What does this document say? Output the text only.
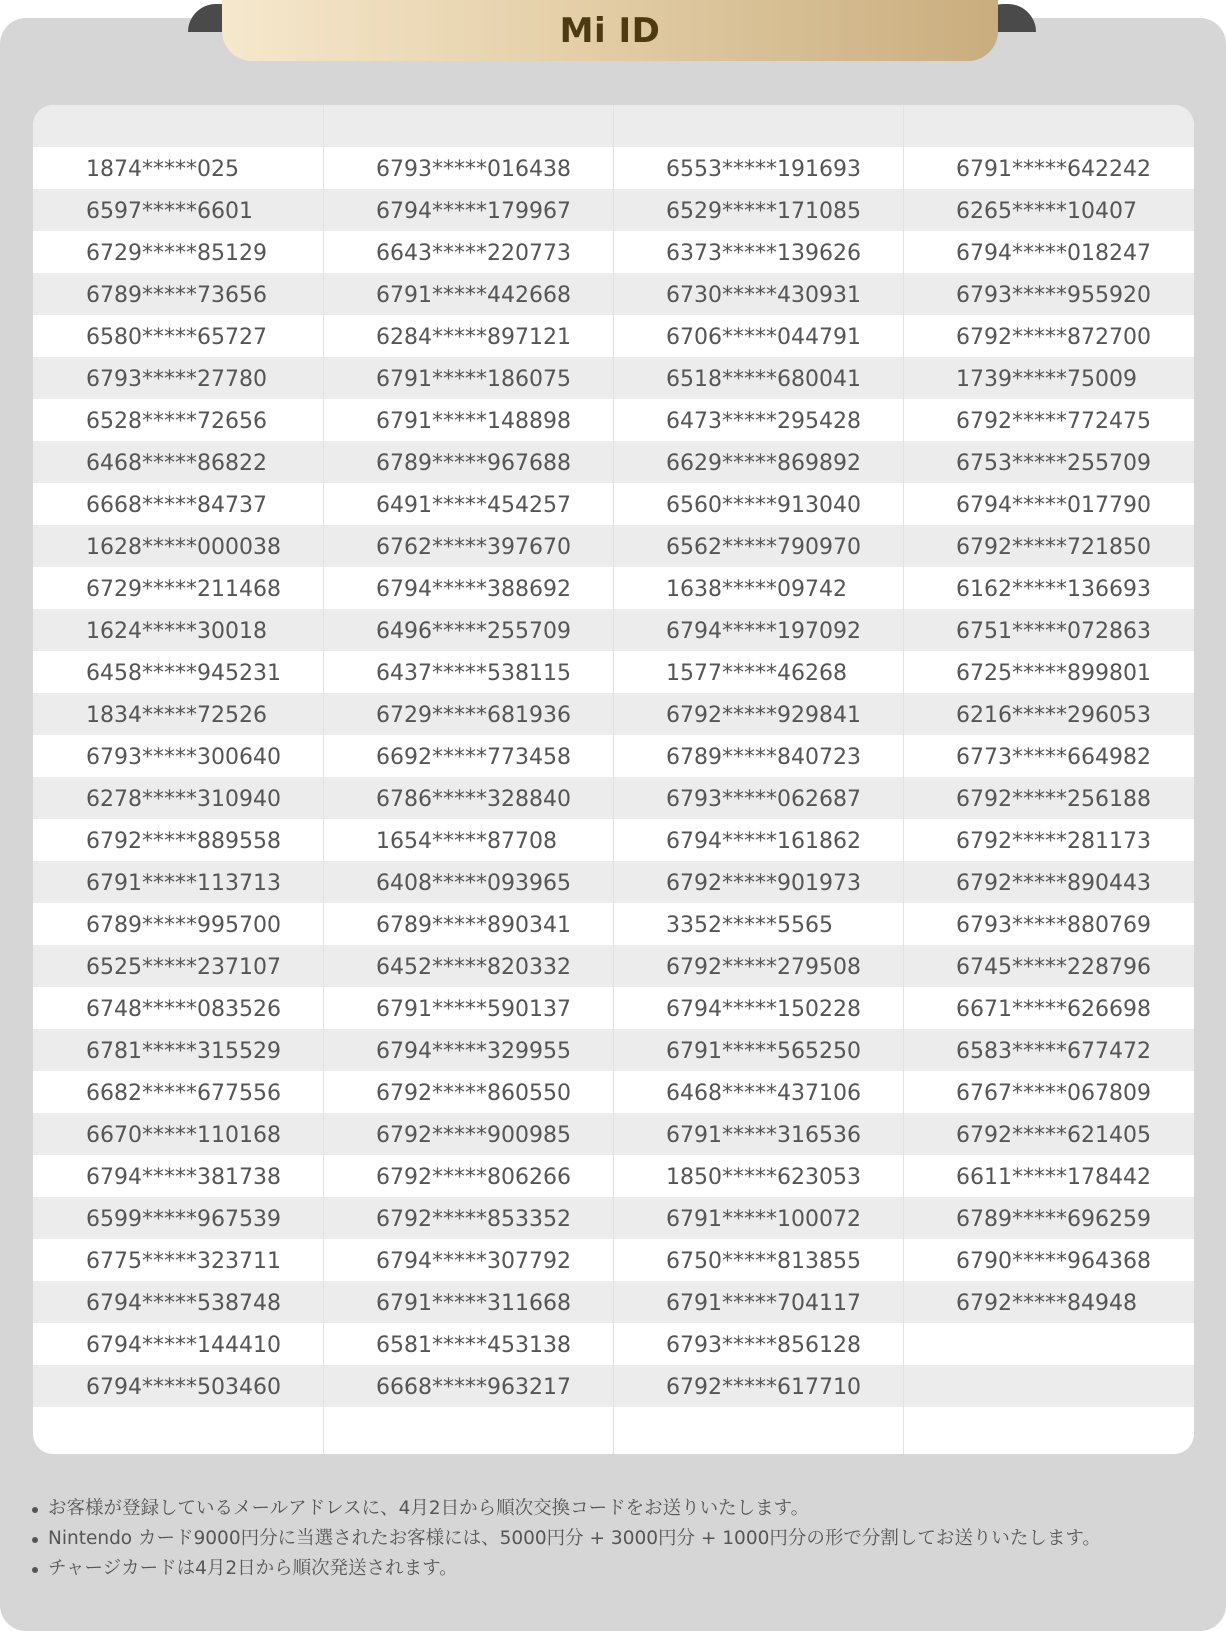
Mi ID
1874*****025	6793*****016438	6553*****191693	6791*****642242
6597*****6601	6794*****179967	6529*****171085	6265*****10407
6729*****85129	6643*****220773	6373*****139626	6794*****018247
6789*****73656	6791*****442668	6730*****430931	6793*****955920
6580*****65727	6284*****897121	6706*****044791	6792*****872700
6793*****27780	6791*****186075	6518*****680041	1739*****75009
6528*****72656	6791*****148898	6473*****295428	6792*****772475
6468*****86822	6789*****967688	6629*****869892	6753*****255709
6668*****84737	6491*****454257	6560*****913040	6794*****017790
1628*****000038	6762*****397670	6562*****790970	6792*****721850
6729*****211468	6794*****388692	1638*****09742	6162*****136693
1624*****30018	6496*****255709	6794*****197092	6751*****072863
6458*****945231	6437*****538115	1577*****46268	6725*****899801
1834*****72526	6729*****681936	6792*****929841	6216*****296053
6793*****300640	6692*****773458	6789*****840723	6773*****664982
6278*****310940	6786*****328840	6793*****062687	6792*****256188
6792*****889558	1654*****87708	6794*****161862	6792*****281173
6791*****113713	6408*****093965	6792*****901973	6792*****890443
6789*****995700	6789*****890341	3352*****5565	6793*****880769
6525*****237107	6452*****820332	6792*****279508	6745*****228796
6748*****083526	6791*****590137	6794*****150228	6671*****626698
6781*****315529	6794*****329955	6791*****565250	6583*****677472
6682*****677556	6792*****860550	6468*****437106	6767*****067809
6670*****110168	6792*****900985	6791*****316536	6792*****621405
6794*****381738	6792*****806266	1850*****623053	6611*****178442
6599*****967539	6792*****853352	6791*****100072	6789*****696259
6775*****323711	6794*****307792	6750*****813855	6790*****964368
6794*****538748	6791*****311668	6791*****704117	6792*****84948
6794*****144410	6581*****453138	6793*****856128
6794*****503460	6668*****963217	6792*****617710
お客様が登録しているメールアドレスに、4月2日から順次交換コードをお送りいたします。
Nintendo カード9000円分に当選されたお客様には、5000円分 + 3000円分 + 1000円分の形で分割してお送りいたします。
チャージカードは4月2日から順次発送されます。
